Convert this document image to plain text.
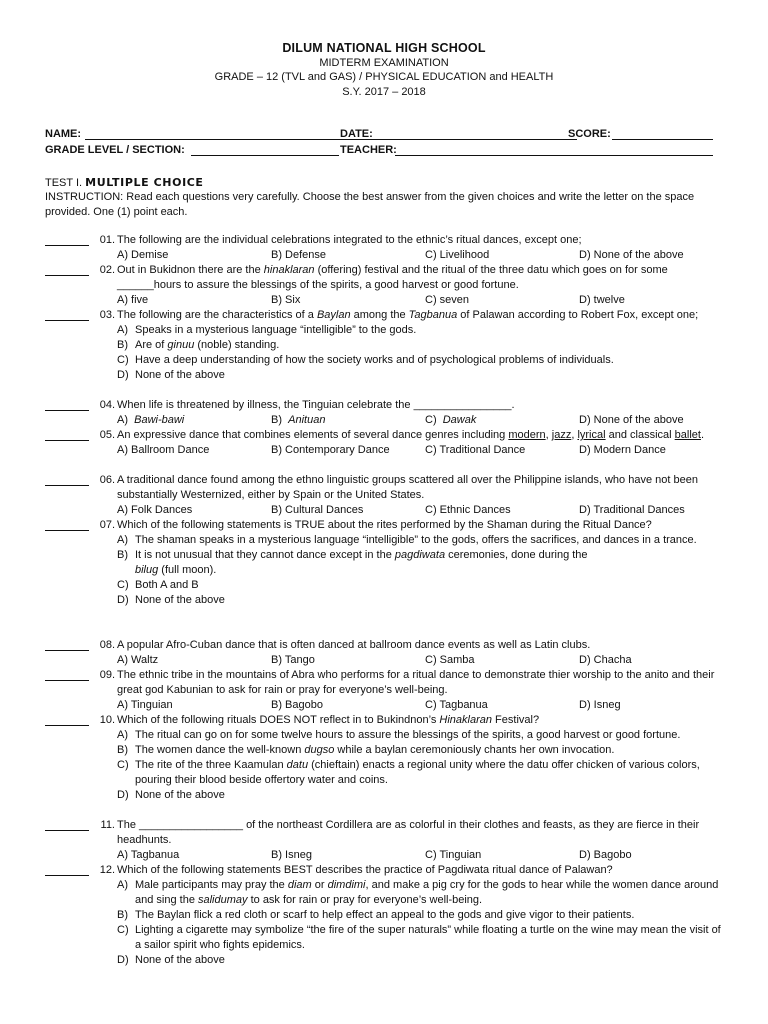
DILUM NATIONAL HIGH SCHOOL
MIDTERM EXAMINATION
GRADE – 12 (TVL and GAS) / PHYSICAL EDUCATION and HEALTH
S.Y. 2017 – 2018
NAME:	DATE:	SCORE:
GRADE LEVEL / SECTION:	TEACHER:
TEST I. MULTIPLE CHOICE
INSTRUCTION: Read each questions very carefully. Choose the best answer from the given choices and write the letter on the space provided. One (1) point each.
01. The following are the individual celebrations integrated to the ethnic’s ritual dances, except one;
A) Demise	B) Defense	C) Livelihood	D) None of the above
02. Out in Bukidnon there are the hinaklaran (offering) festival and the ritual of the three datu which goes on for some ______hours to assure the blessings of the spirits, a good harvest or good fortune.
A) five	B) Six	C) seven	D) twelve
03. The following are the characteristics of a Baylan among the Tagbanua of Palawan according to Robert Fox, except one;
A) Speaks in a mysterious language “intelligible” to the gods.
B) Are of ginuu (noble) standing.
C) Have a deep understanding of how the society works and of psychological problems of individuals.
D) None of the above
04. When life is threatened by illness, the Tinguian celebrate the ________________.
A) Bawi-bawi	B) Anituan	C) Dawak	D) None of the above
05. An expressive dance that combines elements of several dance genres including modern, jazz, lyrical and classical ballet.
A) Ballroom Dance	B) Contemporary Dance	C) Traditional Dance	D) Modern Dance
06. A traditional dance found among the ethno linguistic groups scattered all over the Philippine islands, who have not been substantially Westernized, either by Spain or the United States.
A) Folk Dances	B) Cultural Dances	C) Ethnic Dances	D) Traditional Dances
07. Which of the following statements is TRUE about the rites performed by the Shaman during the Ritual Dance?
A) The shaman speaks in a mysterious language “intelligible” to the gods, offers the sacrifices, and dances in a trance.
B) It is not unusual that they cannot dance except in the pagdiwata ceremonies, done during the
bilug (full moon).
C) Both A and B
D) None of the above
08. A popular Afro-Cuban dance that is often danced at ballroom dance events as well as Latin clubs.
A) Waltz	B) Tango	C) Samba	D) Chacha
09. The ethnic tribe in the mountains of Abra who performs for a ritual dance to demonstrate thier worship to the anito and their great god Kabunian to ask for rain or pray for everyone’s well-being.
A) Tinguian	B) Bagobo	C) Tagbanua	D) Isneg
10. Which of the following rituals DOES NOT reflect in to Bukindnon’s Hinaklaran Festival?
A) The ritual can go on for some twelve hours to assure the blessings of the spirits, a good harvest or good fortune.
B) The women dance the well-known dugso while a baylan ceremoniously chants her own invocation.
C) The rite of the three Kaamulan datu (chieftain) enacts a regional unity where the datu offer chicken of various colors, pouring their blood beside offertory water and coins.
D) None of the above
11. The _________________ of the northeast Cordillera are as colorful in their clothes and feasts, as they are fierce in their headhunts.
A) Tagbanua	B) Isneg	C) Tinguian	D) Bagobo
12. Which of the following statements BEST describes the practice of Pagdiwata ritual dance of Palawan?
A) Male participants may pray the diam or dimdimi, and make a pig cry for the gods to hear while the women dance around and sing the salidumay to ask for rain or pray for everyone’s well-being.
B) The Baylan flick a red cloth or scarf to help effect an appeal to the gods and give vigor to their patients.
C) Lighting a cigarette may symbolize “the fire of the super naturals” while floating a turtle on the wine may mean the visit of a sailor spirit who fights epidemics.
D) None of the above
